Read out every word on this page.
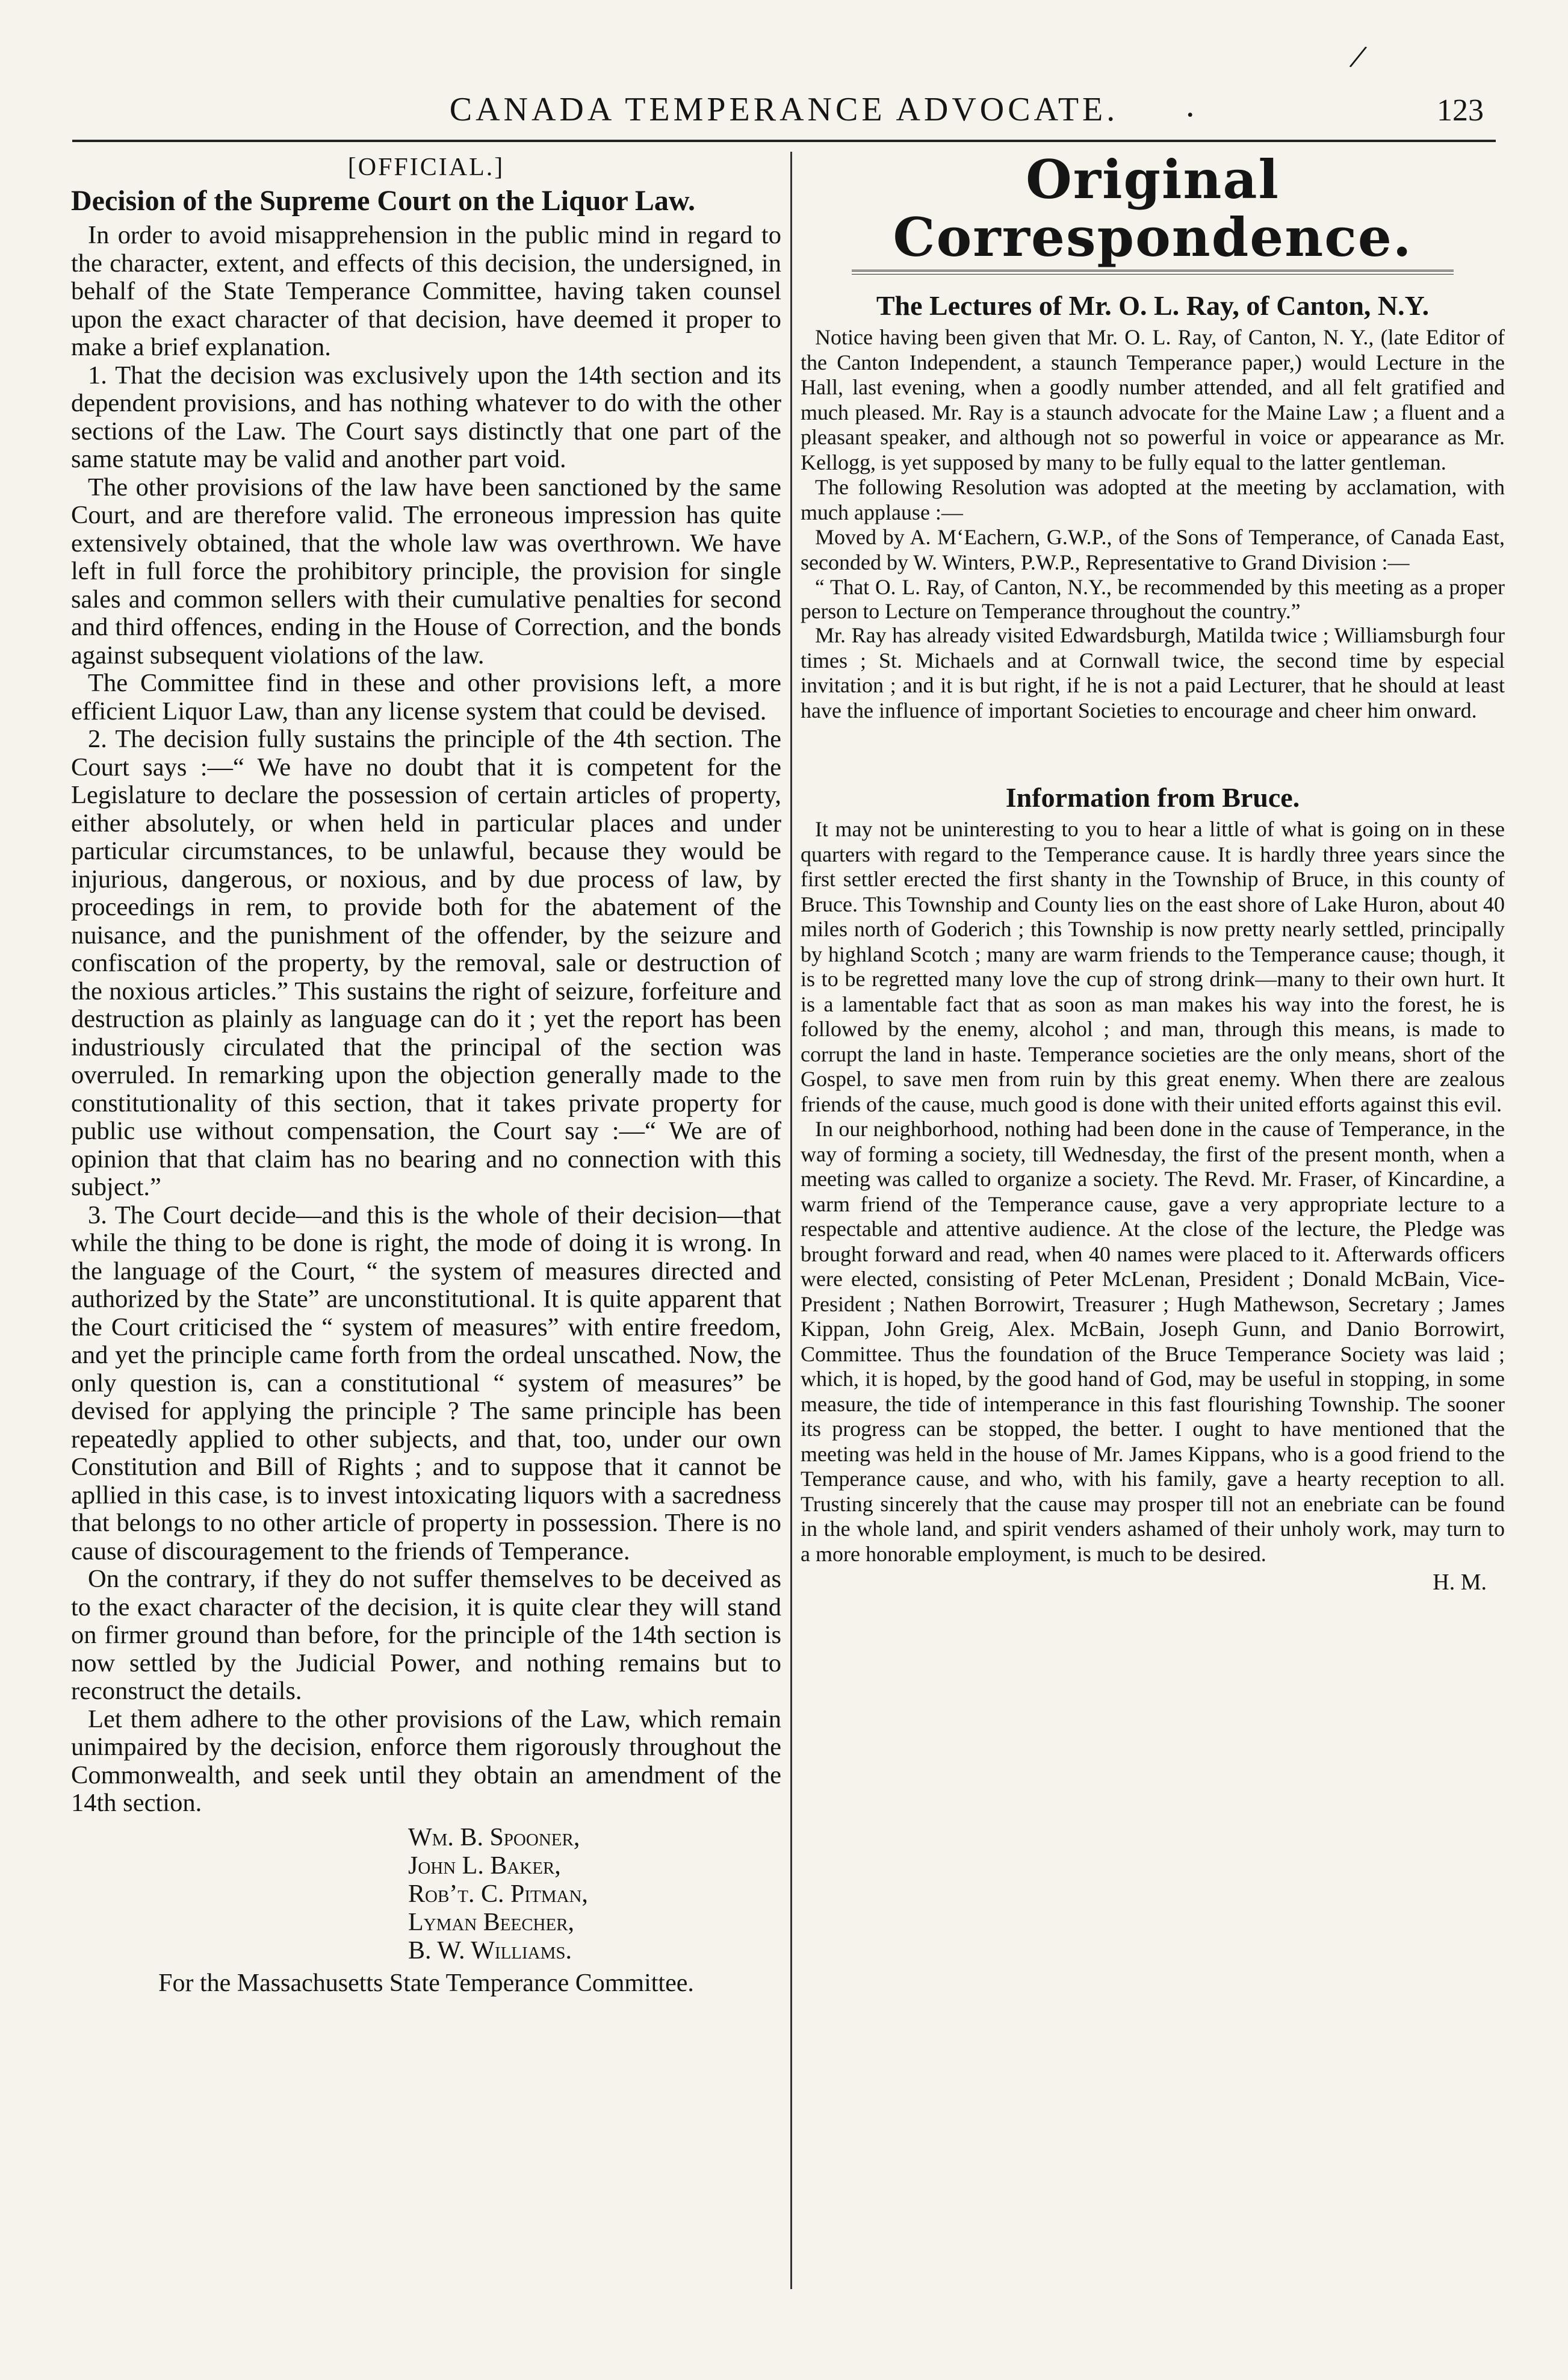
/
CANADA TEMPERANCE ADVOCATE.	.	123
[OFFICIAL.]
Decision of the Supreme Court on the Liquor Law.

In order to avoid misapprehension in the public mind in regard to the character, extent, and effects of this decision, the undersigned, in behalf of the State Temperance Committee, having taken counsel upon the exact character of that decision, have deemed it proper to make a brief explanation.

1. That the decision was exclusively upon the 14th section and its dependent provisions, and has nothing whatever to do with the other sections of the Law. The Court says distinctly that one part of the same statute may be valid and another part void.

The other provisions of the law have been sanctioned by the same Court, and are therefore valid. The erroneous impression has quite extensively obtained, that the whole law was overthrown. We have left in full force the prohibitory principle, the provision for single sales and common sellers with their cumulative penalties for second and third offences, ending in the House of Correction, and the bonds against subsequent violations of the law.

The Committee find in these and other provisions left, a more efficient Liquor Law, than any license system that could be devised.

2. The decision fully sustains the principle of the 4th section. The Court says :—“ We have no doubt that it is competent for the Legislature to declare the possession of certain articles of property, either absolutely, or when held in particular places and under particular circumstances, to be unlawful, because they would be injurious, dangerous, or noxious, and by due process of law, by proceedings in rem, to provide both for the abatement of the nuisance, and the punishment of the offender, by the seizure and confiscation of the property, by the removal, sale or destruction of the noxious articles.” This sustains the right of seizure, forfeiture and destruction as plainly as language can do it ; yet the report has been industriously circulated that the principal of the section was overruled. In remarking upon the objection generally made to the constitutionality of this section, that it takes private property for public use without compensation, the Court say :—“ We are of opinion that that claim has no bearing and no connection with this subject.”

3. The Court decide—and this is the whole of their decision—that while the thing to be done is right, the mode of doing it is wrong. In the language of the Court, “ the system of measures directed and authorized by the State” are unconstitutional. It is quite apparent that the Court criticised the “ system of measures” with entire freedom, and yet the principle came forth from the ordeal unscathed. Now, the only question is, can a constitutional “ system of measures” be devised for applying the principle ? The same principle has been repeatedly applied to other subjects, and that, too, under our own Constitution and Bill of Rights ; and to suppose that it cannot be apllied in this case, is to invest intoxicating liquors with a sacredness that belongs to no other article of property in possession. There is no cause of discouragement to the friends of Temperance.

On the contrary, if they do not suffer themselves to be deceived as to the exact character of the decision, it is quite clear they will stand on firmer ground than before, for the principle of the 14th section is now settled by the Judicial Power, and nothing remains but to reconstruct the details.

Let them adhere to the other provisions of the Law, which remain unimpaired by the decision, enforce them rigorously throughout the Commonwealth, and seek until they obtain an amendment of the 14th section.

Wm. B. Spooner,
John L. Baker,
Rob’t. C. Pitman,
Lyman Beecher,
B. W. Williams.
For the Massachusetts State Temperance Committee.
Original Correspondence.
The Lectures of Mr. O. L. Ray, of Canton, N.Y.

Notice having been given that Mr. O. L. Ray, of Canton, N. Y., (late Editor of the Canton Independent, a staunch Temperance paper,) would Lecture in the Hall, last evening, when a goodly number attended, and all felt gratified and much pleased. Mr. Ray is a staunch advocate for the Maine Law ; a fluent and a pleasant speaker, and although not so powerful in voice or appearance as Mr. Kellogg, is yet supposed by many to be fully equal to the latter gentleman.

The following Resolution was adopted at the meeting by acclamation, with much applause :—

Moved by A. M‘Eachern, G.W.P., of the Sons of Temperance, of Canada East, seconded by W. Winters, P.W.P., Representative to Grand Division :—

“ That O. L. Ray, of Canton, N.Y., be recommended by this meeting as a proper person to Lecture on Temperance throughout the country.”

Mr. Ray has already visited Edwardsburgh, Matilda twice ; Williamsburgh four times ; St. Michaels and at Cornwall twice, the second time by especial invitation ; and it is but right, if he is not a paid Lecturer, that he should at least have the influence of important Societies to encourage and cheer him onward.

Information from Bruce.

It may not be uninteresting to you to hear a little of what is going on in these quarters with regard to the Temperance cause. It is hardly three years since the first settler erected the first shanty in the Township of Bruce, in this county of Bruce. This Township and County lies on the east shore of Lake Huron, about 40 miles north of Goderich ; this Township is now pretty nearly settled, principally by highland Scotch ; many are warm friends to the Temperance cause; though, it is to be regretted many love the cup of strong drink—many to their own hurt. It is a lamentable fact that as soon as man makes his way into the forest, he is followed by the enemy, alcohol ; and man, through this means, is made to corrupt the land in haste. Temperance societies are the only means, short of the Gospel, to save men from ruin by this great enemy. When there are zealous friends of the cause, much good is done with their united efforts against this evil.

In our neighborhood, nothing had been done in the cause of Temperance, in the way of forming a society, till Wednesday, the first of the present month, when a meeting was called to organize a society. The Revd. Mr. Fraser, of Kincardine, a warm friend of the Temperance cause, gave a very appropriate lecture to a respectable and attentive audience. At the close of the lecture, the Pledge was brought forward and read, when 40 names were placed to it. Afterwards officers were elected, consisting of Peter McLenan, President ; Donald McBain, Vice-President ; Nathen Borrowirt, Treasurer ; Hugh Mathewson, Secretary ; James Kippan, John Greig, Alex. McBain, Joseph Gunn, and Danio Borrowirt, Committee. Thus the foundation of the Bruce Temperance Society was laid ; which, it is hoped, by the good hand of God, may be useful in stopping, in some measure, the tide of intemperance in this fast flourishing Township. The sooner its progress can be stopped, the better. I ought to have mentioned that the meeting was held in the house of Mr. James Kippans, who is a good friend to the Temperance cause, and who, with his family, gave a hearty reception to all. Trusting sincerely that the cause may prosper till not an enebriate can be found in the whole land, and spirit venders ashamed of their unholy work, may turn to a more honorable employment, is much to be desired.

H. M.
